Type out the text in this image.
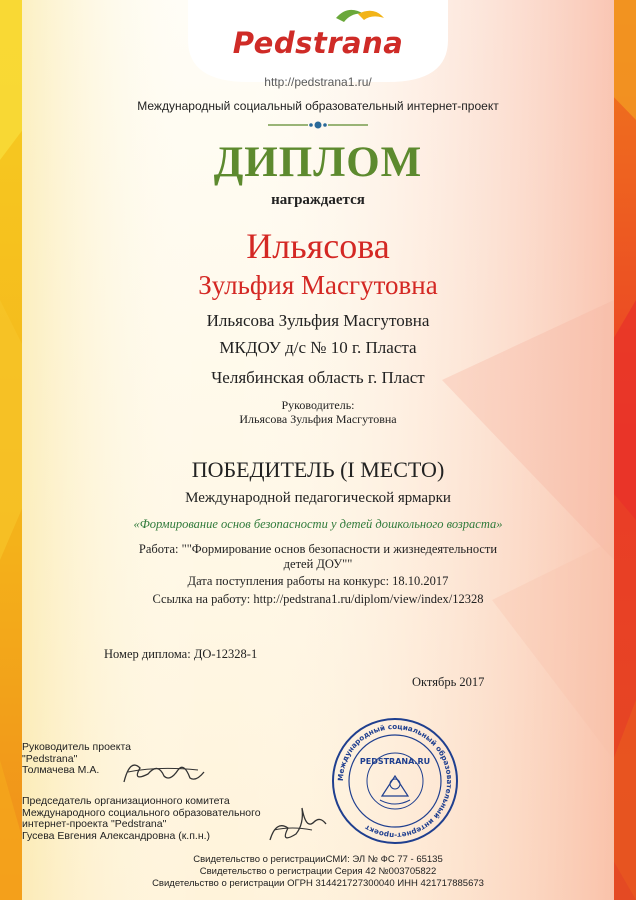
Pedstrana
http://pedstrana1.ru/
Международный социальный образовательный интернет-проект
ДИПЛОМ
награждается
Ильясова
Зульфия Масгутовна
Ильясова Зульфия Масгутовна
МКДОУ д/с № 10 г. Пласта
Челябинская область г. Пласт
Руководитель:
Ильясова Зульфия Масгутовна
ПОБЕДИТЕЛЬ (I МЕСТО)
Международной педагогической ярмарки
«Формирование основ безопасности у детей дошкольного возраста»
Работа: ""Формирование основ безопасности и жизнедеятельности
детей ДОУ""
Дата поступления работы на конкурс: 18.10.2017
Ссылка на работу: http://pedstrana1.ru/diplom/view/index/12328
Номер диплома: ДО-12328-1
Октябрь 2017
Руководитель проекта
"Pedstrana"
Толмачева М.А.
Председатель организационного комитета
Международного социального образовательного
интернет-проекта "Pedstrana"
Гусева Евгения Александровна (к.п.н.)
Международный социальный образовательный интернет-проект
PEDSTRANA.RU
Свидетельство о регистрацииСМИ: ЭЛ № ФС 77 - 65135
Свидетельство о регистрации Серия 42 №003705822
Свидетельство о регистрации ОГРН 314421727300040 ИНН 421717885673
